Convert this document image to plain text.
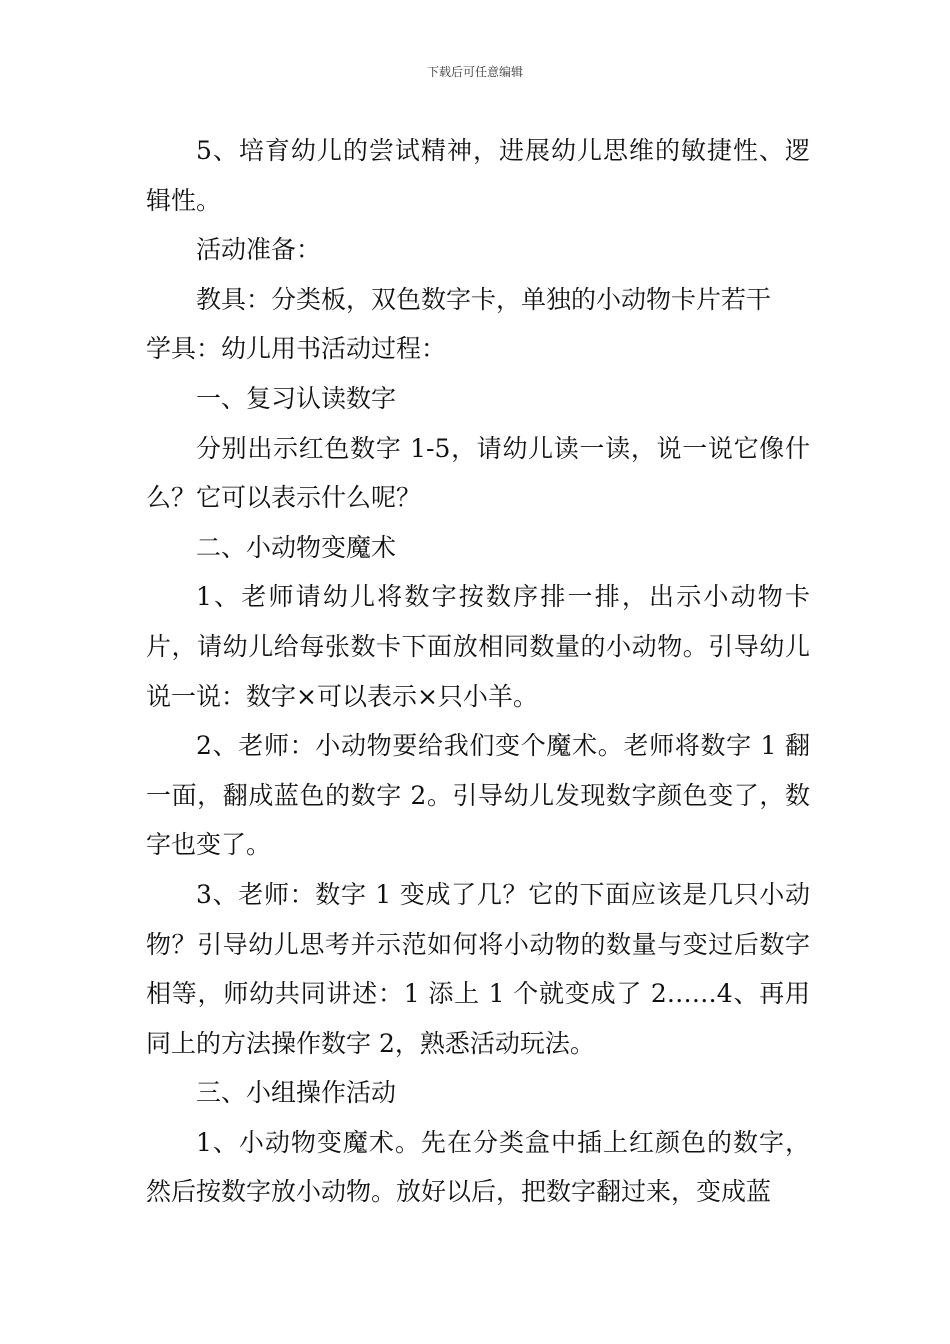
下载后可任意编辑

5、培育幼儿的尝试精神，进展幼儿思维的敏捷性、逻辑性。

活动准备：

教具：分类板，双色数字卡，单独的小动物卡片若干

学具：幼儿用书活动过程：

一、复习认读数字

分别出示红色数字 1-5，请幼儿读一读，说一说它像什么？它可以表示什么呢？

二、小动物变魔术

1、老师请幼儿将数字按数序排一排，出示小动物卡片，请幼儿给每张数卡下面放相同数量的小动物。引导幼儿说一说：数字×可以表示×只小羊。

2、老师：小动物要给我们变个魔术。老师将数字 1 翻一面，翻成蓝色的数字 2。引导幼儿发现数字颜色变了，数字也变了。

3、老师：数字 1 变成了几？它的下面应该是几只小动物？引导幼儿思考并示范如何将小动物的数量与变过后数字相等，师幼共同讲述：1 添上 1 个就变成了 2……4、再用同上的方法操作数字 2，熟悉活动玩法。

三、小组操作活动

1、小动物变魔术。先在分类盒中插上红颜色的数字，然后按数字放小动物。放好以后，把数字翻过来，变成蓝
